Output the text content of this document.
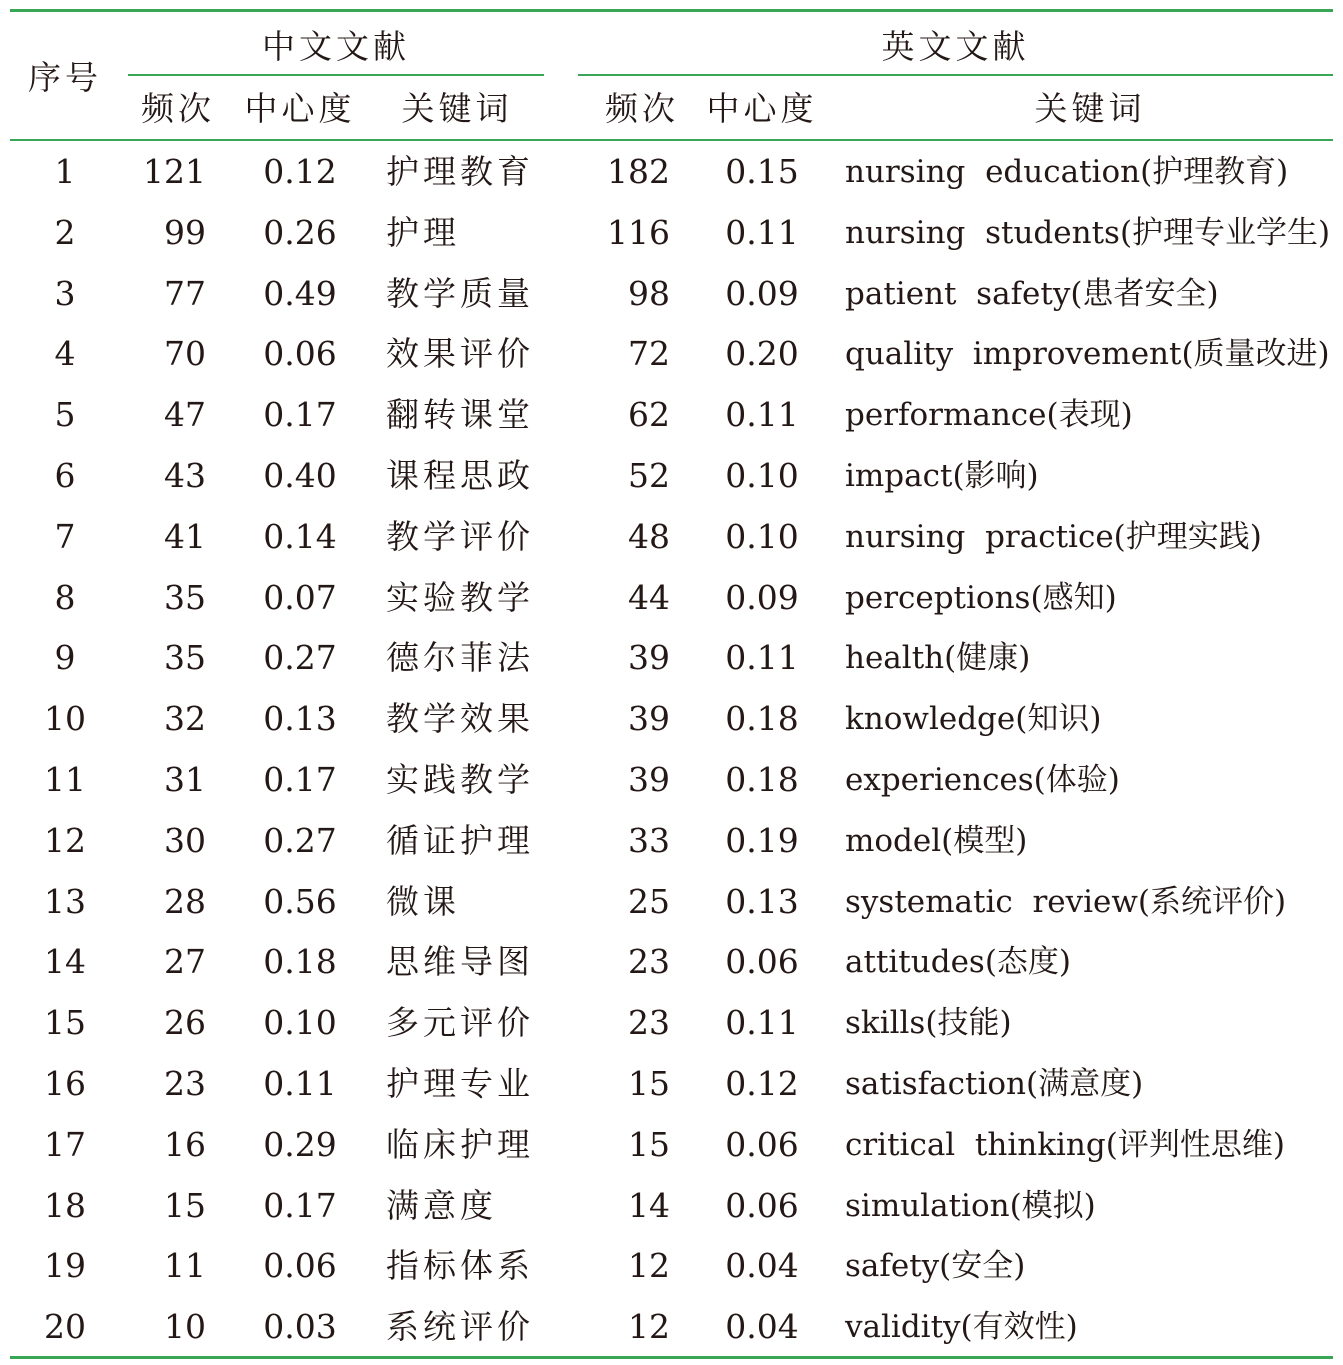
序号
中文文献	英文文献
频次 中心度	关键词	频次 中心度	关键词
1	121	0.12	护理教育	182	0.15	nursing  education(护理教育)
2	99	0.26	护理	116	0.11	nursing  students(护理专业学生)
3	77	0.49	教学质量	98	0.09	patient  safety(患者安全)
4	70	0.06	效果评价	72	0.20	quality  improvement(质量改进)
5	47	0.17	翻转课堂	62	0.11	performance(表现)
6	43	0.40	课程思政	52	0.10	impact(影响)
7	41	0.14	教学评价	48	0.10	nursing  practice(护理实践)
8	35	0.07	实验教学	44	0.09	perceptions(感知)
9	35	0.27	德尔菲法	39	0.11	health(健康)
10	32	0.13	教学效果	39	0.18	knowledge(知识)
11	31	0.17	实践教学	39	0.18	experiences(体验)
12	30	0.27	循证护理	33	0.19	model(模型)
13	28	0.56	微课	25	0.13	systematic  review(系统评价)
14	27	0.18	思维导图	23	0.06	attitudes(态度)
15	26	0.10	多元评价	23	0.11	skills(技能)
16	23	0.11	护理专业	15	0.12	satisfaction(满意度)
17	16	0.29	临床护理	15	0.06	critical  thinking(评判性思维)
18	15	0.17	满意度	14	0.06	simulation(模拟)
19	11	0.06	指标体系	12	0.04	safety(安全)
20	10	0.03	系统评价	12	0.04	validity(有效性)
